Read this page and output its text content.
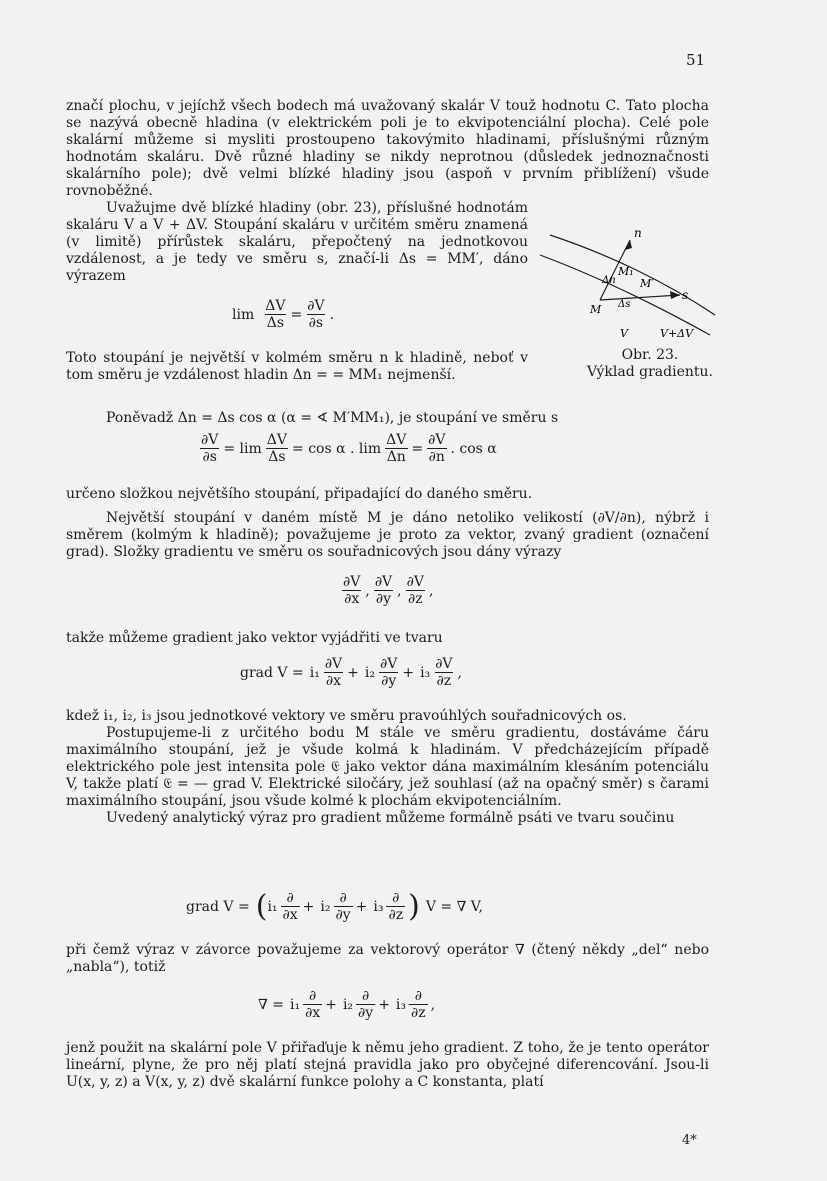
51

značí plochu, v jejíchž všech bodech má uvažovaný skalár V touž hodnotu C. Tato plocha se nazývá obecně hladina (v elektrickém poli je to ekvipotenciální plocha). Celé pole skalární můžeme si mysliti prostoupeno takovýmito hladinami, příslušnými různým hodnotám skaláru. Dvě různé hladiny se nikdy neprotnou (důsledek jednoznačnosti skalárního pole); dvě velmi blízké hladiny jsou (aspoň v prvním přiblížení) všude rovnoběžné.

Uvažujme dvě blízké hladiny (obr. 23), příslušné hodnotám skaláru V a V + ΔV. Stoupání skaláru v určitém směru znamená (v limitě) přírůstek skaláru, přepočtený na jednotkovou vzdálenost, a je tedy ve směru s, značí-li Δs = MM′, dáno výrazem

$\lim \frac{\Delta V}{\Delta s} = \frac{\partial V}{\partial s}$ .

Toto stoupání je největší v kolmém směru n k hladině, neboť v tom směru je vzdálenost hladin Δn = = MM₁ nejmenší.

n
M₁
M′
s
Δn
Δs
M
V	V+ΔV
Obr. 23.
Výklad gradientu.

Poněvadž Δn = Δs cos α (α = ∢ M′MM₁), je stoupání ve směru s

$\frac{\partial V}{\partial s} = \lim \frac{\Delta V}{\Delta s} = \cos \alpha$ . $\lim \frac{\Delta V}{\Delta n} = \frac{\partial V}{\partial n}$ . cos α

určeno složkou největšího stoupání, připadající do daného směru.

Největší stoupání v daném místě M je dáno netoliko velikostí (∂V/∂n), nýbrž i směrem (kolmým k hladině); považujeme je proto za vektor, zvaný gradient (označení grad). Složky gradientu ve směru os souřadnicových jsou dány výrazy

$\frac{\partial V}{\partial x}$ , $\frac{\partial V}{\partial y}$ , $\frac{\partial V}{\partial z}$ ,

takže můžeme gradient jako vektor vyjádřiti ve tvaru

grad $V = i_1 \frac{\partial V}{\partial x} + i_2 \frac{\partial V}{\partial y} + i_3 \frac{\partial V}{\partial z}$ ,

kdež i₁, i₂, i₃ jsou jednotkové vektory ve směru pravoúhlých souřadnicových os.

Postupujeme-li z určitého bodu M stále ve směru gradientu, dostáváme čáru maximálního stoupání, jež je všude kolmá k hladinám. V předcházejícím případě elektrického pole jest intensita pole 𝔈 jako vektor dána maximálním klesáním potenciálu V, takže platí 𝔈 = — grad V. Elektrické siločáry, jež souhlasí (až na opačný směr) s čarami maximálního stoupání, jsou všude kolmé k plochám ekvipotenciálním.

Uvedený analytický výraz pro gradient můžeme formálně psáti ve tvaru součinu

grad V = ( $i_1 \frac{\partial}{\partial x} + i_2 \frac{\partial}{\partial y} + i_3 \frac{\partial}{\partial z}$ ) V = ∇ V,

při čemž výraz v závorce považujeme za vektorový operátor ∇ (čtený někdy „del“ nebo „nabla“), totiž

∇ = $i_1 \frac{\partial}{\partial x} + i_2 \frac{\partial}{\partial y} + i_3 \frac{\partial}{\partial z}$ ,

jenž použit na skalární pole V přiřaďuje k němu jeho gradient. Z toho, že je tento operátor lineární, plyne, že pro něj platí stejná pravidla jako pro obyčejné diferencování. Jsou-li U(x, y, z) a V(x, y, z) dvě skalární funkce polohy a C konstanta, platí

4*
